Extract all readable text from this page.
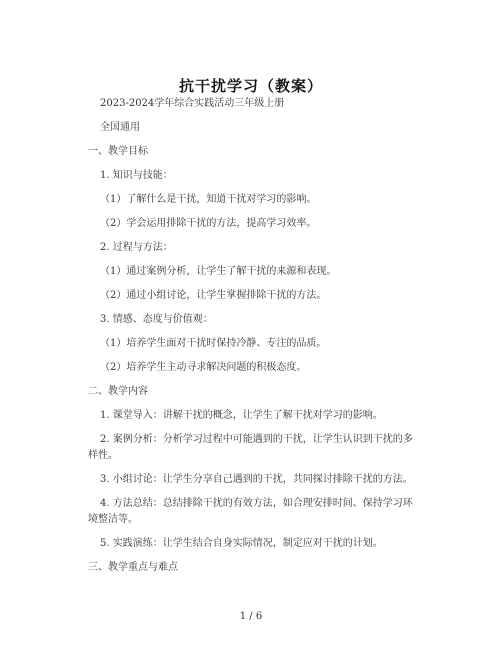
抗干扰学习（教案）

2023-2024学年综合实践活动三年级上册

全国通用

一、教学目标

1. 知识与技能：

（1）了解什么是干扰，知道干扰对学习的影响。

（2）学会运用排除干扰的方法，提高学习效率。

2. 过程与方法：

（1）通过案例分析，让学生了解干扰的来源和表现。

（2）通过小组讨论，让学生掌握排除干扰的方法。

3. 情感、态度与价值观：

（1）培养学生面对干扰时保持冷静、专注的品质。

（2）培养学生主动寻求解决问题的积极态度。

二、教学内容

1. 课堂导入：讲解干扰的概念，让学生了解干扰对学习的影响。

2. 案例分析：分析学习过程中可能遇到的干扰，让学生认识到干扰的多样性。

3. 小组讨论：让学生分享自己遇到的干扰，共同探讨排除干扰的方法。

4. 方法总结：总结排除干扰的有效方法，如合理安排时间、保持学习环境整洁等。

5. 实践演练：让学生结合自身实际情况，制定应对干扰的计划。

三、教学重点与难点

1 / 6
